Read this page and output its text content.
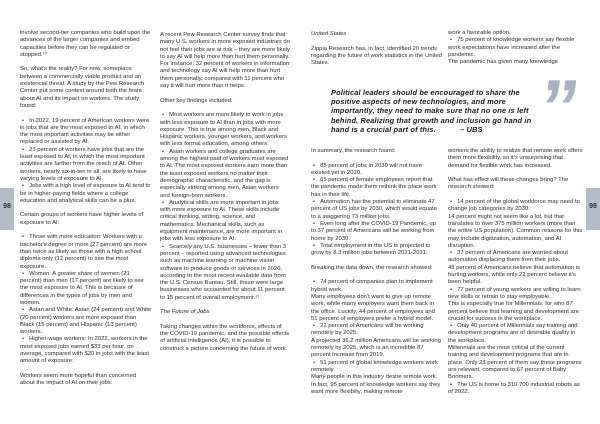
98

involve second-tier companies who build upon the advances of the larger companies and embed capacities before they can be regulated or stopped.¹⁰

So, what's the reality? For now, someplace between a commercially viable product and an existencial threat. A study by the Pew Research Center put some context around both the fears about AI and its impact on workers. The study found:

• In 2022, 19 percent of American workers were in jobs that are the most exposed to AI, in which the most important activities may be either replaced or assisted by AI.

• 23 percent of workers have jobs that are the least exposed to AI, in which the most important activities are farther from the reach of AI. Other workers, nearly six-in-ten in all, are likely to have varying levels of exposure to AI.

• Jobs with a high level of exposure to AI tend to be in higher-paying fields where a college education and analytical skills can be a plus.

Certain groups of workers have higher levels of exposure to AI:

• Those with more education: Workers with a bachelor's degree or more (27 percent) are more than twice as likely as those with a high school diploma only (12 percent) to see the most exposure.

• Women: A greater share of women (21 percent) than men (17 percent) are likely to see the most exposure to AI. This is because of differences in the types of jobs by men and women.

• Asian and White: Asian (24 percent) and White (20 percent) workers are more exposed than Black (15 percent) and Hispanic (13 percent) workers.

• Higher-wage workers: In 2022, workers in the most exposed jobs earned $33 per hour, on average, compared with $20 in jobs with the least amount of exposure.

Workers seem more hopeful than concerned about the impact of AI on their jobs:

A recent Pew Research Center survey finds that many U.S. workers in more exposed industries do not feel their jobs are at risk – they are more likely to say AI will help more than hurt them personally. For instance, 32 percent of workers in information and technology say AI will help more than hurt them personally, compared with 11 percent who say it will hurt more than it helps.

Other key findings included:

• Most workers are more likely to work in jobs with less exposure to AI than in jobs with more exposure. This is true among men, Black and Hispanic workers, younger workers, and workers with less formal education, among others.

• Asian workers and college graduates are among the highest paid of workers most exposed to AI. The most exposed workers earn more than the least exposed workers no matter their demographic characteristic, and the gap is especially striking among men, Asian workers and foreign-born workers.

• Analytical skills are more important in jobs with more exposure to AI. These skills include critical thinking, writing, science, and mathematics. Mechanical skills, such as equipment maintenance, are more important in jobs with less exposure to AI.

• Scarcely any U.S. businesses – fewer than 3 percent – reported using advanced technologies such as machine learning or machine vision software to produce goods or services in 2020, according to the most recent available data from the U.S. Census Bureau. Still, these were large businesses who accounted for about 11 percent to 15 percent of overall employment.¹¹

The Future of Jobs

Taking changes within the workforce, effects of the COVID-19 pandemic, and the possible effects of artificial intelligence (AI), it is possible to construct a picture concerning the future of work.

99

United States

Zippia Research has, in fact, identified 20 trends regarding the future of work statistics in the United States.

work a favorable option.

• 75 percent of knowledge workers say flexible work expectations have increased after the pandemic.

The pandemic has given many knowledge

”
Political leaders should be encouraged to share the positive aspects of new technologies, and more importantly, they need to make sure that no one is left behind. Realizing that growth and inclusion go hand in hand is a crucial part of this.	– UBS

In summary, the research found:

• 85 percent of jobs in 2030 will not have existed yet in 2020.

• 65 percent of female employees report that the pandemic made them rethink the place work has in their life.

• Automation has the potential to eliminate 47 percent of US jobs by 2030, which would equate to a staggering 73 million jobs.

• Even long after the COVID-19 Pandemic, up to 37 percent of Americans will be working from home by 2030.

• Total employment in the US is projected to grow by 8.3 million jobs between 2021-2031.

Breaking the data down, the research showed:

• 74 percent of companies plan to implement hybrid work.

Many employees don't want to give up remote work, while many employers want them back in the office. Luckily, 44 percent of employees and 51 percent of employers prefer a hybrid model.

• 22 percent of Americans will be working remotely by 2025.

A projected 36.2 million Americans will be working remotely by 2025, which is an incredible 87 percent increase from 2019.

• 51 percent of global knowledge workers work remotely.

Many people in this industry desire remote work. In fact, 95 percent of knowledge workers say they want more flexibiliy, making remote

workers the ability to realize that remote work offers them more flexibility, so it's unsurprising that demand for flexible work has increased.

What has effect will these changes bring? The research showed:

• 14 percent of the global workforce may need to change job categories by 2030.

14 percent might not seem like a lot, but that translates to over 375 million workers (more than the entire US population). Common reasons for this may include digitization, automation, and AI disruption.

• 37 percent of Americans are worried about automation displacing them from their jobs.

48 percent of Americans believe that automation is hurting workers, while only 22 percent believe it's been helpful.

• 77 percent of young workers are willing to learn new skills or retrain to stay employable.

This is especially true for Millennials, for who 87 percent believe that learning and development are crucial for success in the workplace.

• Only 40 percent of Millennials say training and development programs are of desirable quality in the workplace.

Millennials are the most critical of the current training and development programs that are in place. Only 23 percent of them say these programs are relevant, compared to 67 percent of Baby Boomers.

• The US is home to 310,700 industrial robots as of 2022.
